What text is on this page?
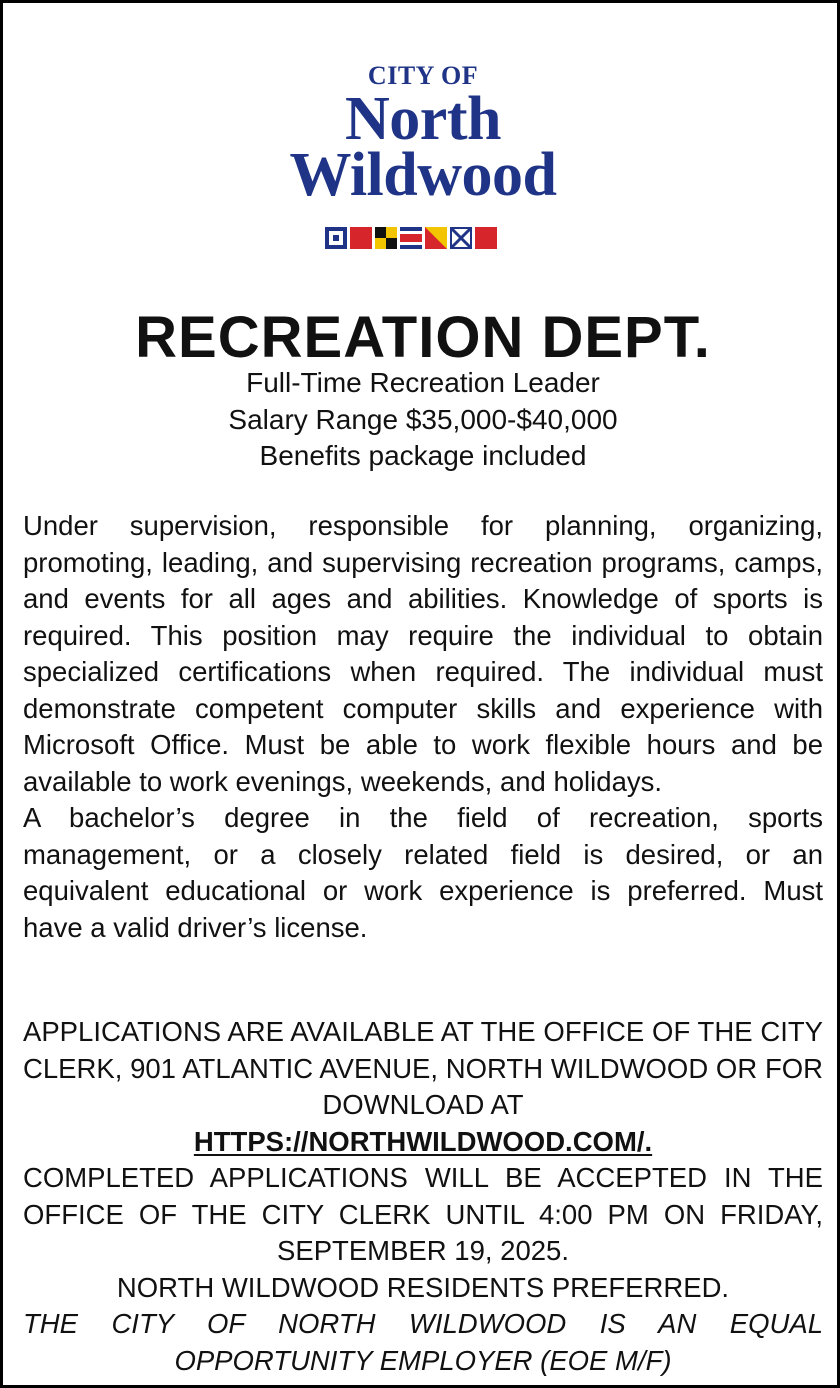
CITY OF
North
Wildwood
RECREATION DEPT.
Full-Time Recreation Leader
Salary Range $35,000-$40,000
Benefits package included

Under supervision, responsible for planning, organizing, promoting, leading, and supervising recreation programs, camps, and events for all ages and abilities. Knowledge of sports is required. This position may require the individual to obtain specialized certifications when required. The individual must demonstrate competent computer skills and experience with Microsoft Office. Must be able to work flexible hours and be available to work evenings, weekends, and holidays.

A bachelor’s degree in the field of recreation, sports management, or a closely related field is desired, or an equivalent educational or work experience is preferred. Must have a valid driver’s license.

APPLICATIONS ARE AVAILABLE AT THE OFFICE OF THE CITY CLERK, 901 ATLANTIC AVENUE, NORTH WILDWOOD OR FOR DOWNLOAD AT
HTTPS://NORTHWILDWOOD.COM/.
COMPLETED APPLICATIONS WILL BE ACCEPTED IN THE OFFICE OF THE CITY CLERK UNTIL 4:00 PM ON FRIDAY, SEPTEMBER 19, 2025.
NORTH WILDWOOD RESIDENTS PREFERRED.
THE CITY OF NORTH WILDWOOD IS AN EQUAL OPPORTUNITY EMPLOYER (EOE M/F)
